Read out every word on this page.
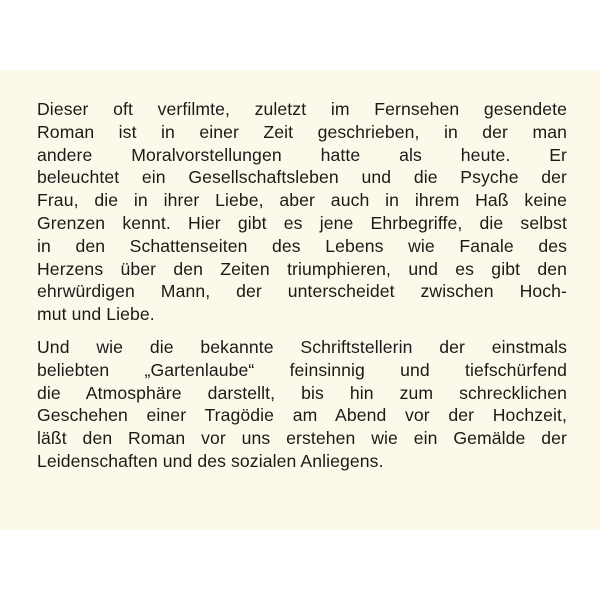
Dieser oft verfilmte, zuletzt im Fernsehen gesendete
Roman ist in einer Zeit geschrieben, in der man
andere Moralvorstellungen hatte als heute. Er
beleuchtet ein Gesellschaftsleben und die Psyche der
Frau, die in ihrer Liebe, aber auch in ihrem Haß keine
Grenzen kennt. Hier gibt es jene Ehrbegriffe, die selbst
in den Schattenseiten des Lebens wie Fanale des
Herzens über den Zeiten triumphieren, und es gibt den
ehrwürdigen Mann, der unterscheidet zwischen Hoch-
mut und Liebe.
Und wie die bekannte Schriftstellerin der einstmals
beliebten „Gartenlaube“ feinsinnig und tiefschürfend
die Atmosphäre darstellt, bis hin zum schrecklichen
Geschehen einer Tragödie am Abend vor der Hochzeit,
läßt den Roman vor uns erstehen wie ein Gemälde der
Leidenschaften und des sozialen Anliegens.
